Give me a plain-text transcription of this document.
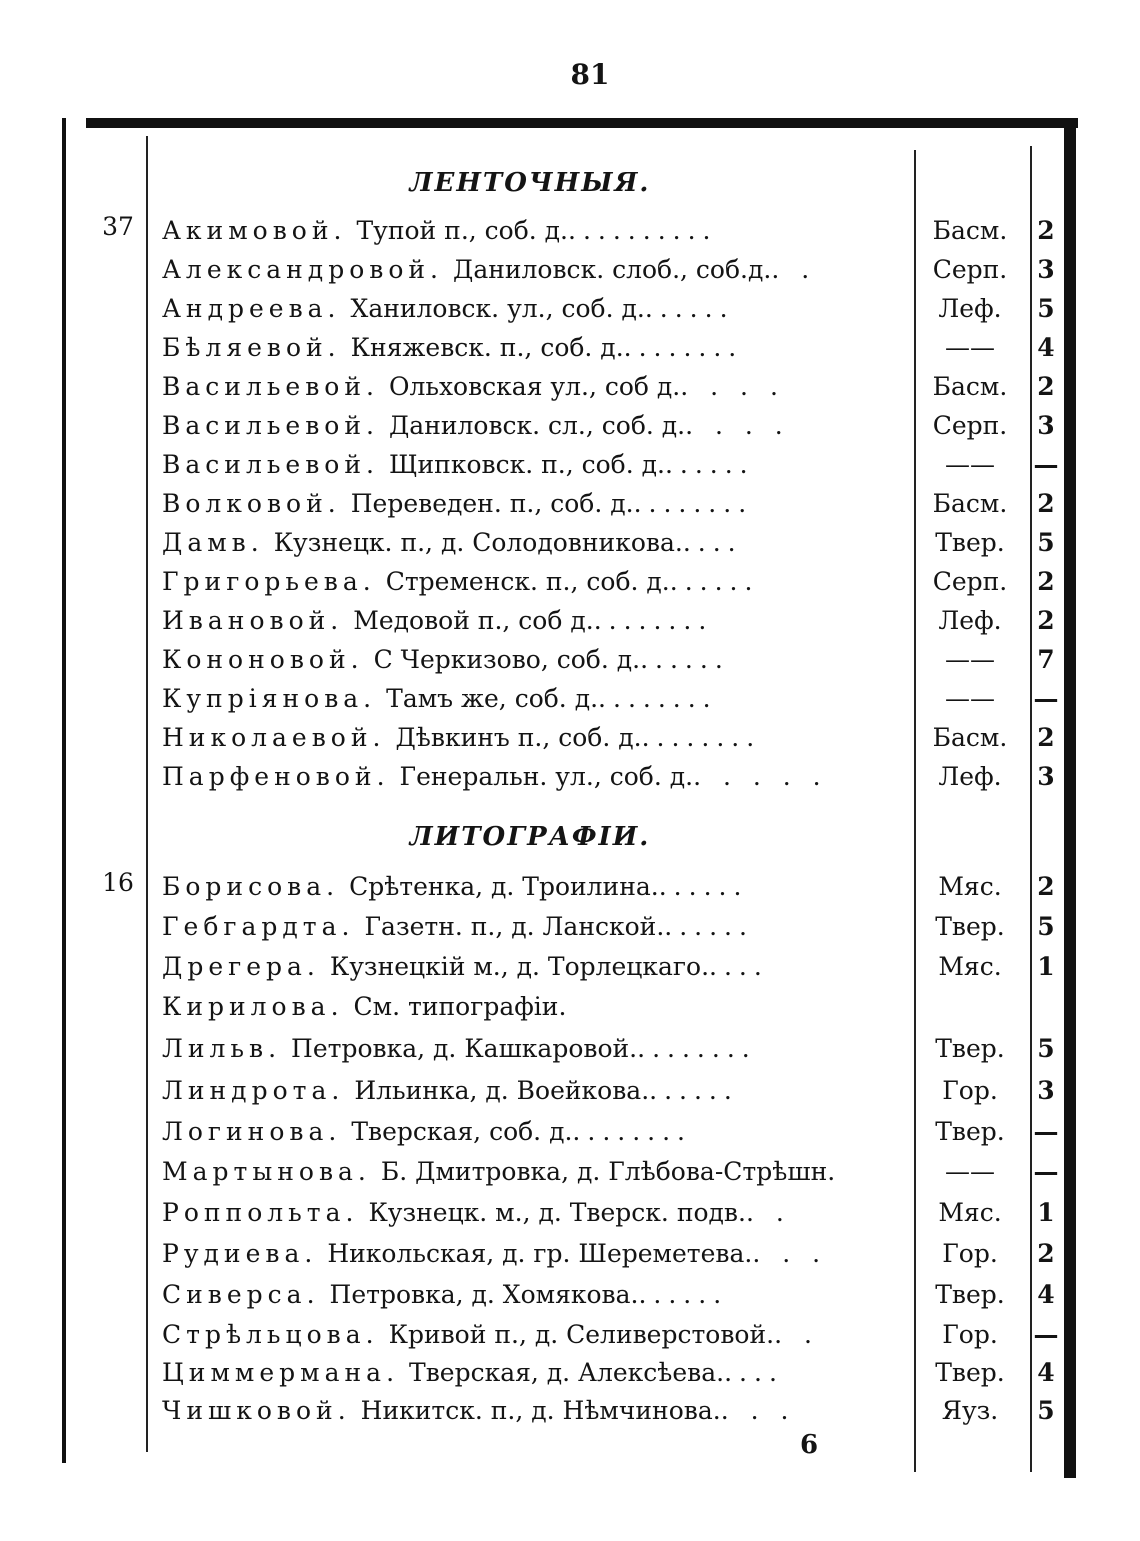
81
ЛЕНТОЧНЫЯ.
37	Акимовой. Тупой п., соб. д...........	Басм.	2
Александровой. Даниловск. слоб., соб.д.. .	Серп.	3
Андреева. Ханиловск. ул., соб. д.......	Леф.	5
Бѣляевой. Княжевск. п., соб. д.........	——	4
Васильевой. Ольховская ул., соб д.. . . .	Басм.	2
Васильевой. Даниловск. сл., соб. д.. . . .	Серп.	3
Васильевой. Щипковск. п., соб. д.......	——	—
Волковой. Переведен. п., соб. д.........	Басм.	2
Дамв. Кузнецк. п., д. Солодовникова.....	Твер.	5
Григорьева. Стременск. п., соб. д.......	Серп.	2
Ивановой. Медовой п., соб д.........	Леф.	2
Кононовой. С Черкизово, соб. д.......	——	7
Купріянова. Тамъ же, соб. д.........	——	—
Николаевой. Дѣвкинъ п., соб. д.........	Басм.	2
Парфеновой. Генеральн. ул., соб. д.. . . . .	Леф.	3
ЛИТОГРАФІИ.
16	Борисова. Срѣтенка, д. Троилина.......	Мяс.	2
Гебгардта. Газетн. п., д. Ланской.......	Твер.	5
Дрегера. Кузнецкій м., д. Торлецкаго.....	Мяс.	1
Кирилова. См. типографіи.
Лильв. Петровка, д. Кашкаровой.........	Твер.	5
Линдрота. Ильинка, д. Воейкова.......	Гор.	3
Логинова. Тверская, соб. д.........	Твер.	—
Мартынова. Б. Дмитровка, д. Глѣбова-Стрѣшн.	——	—
Роппольта. Кузнецк. м., д. Тверск. подв.. .	Мяс.	1
Рудиева. Никольская, д. гр. Шереметева.. . .	Гор.	2
Сиверса. Петровка, д. Хомякова.......	Твер.	4
Стрѣльцова. Кривой п., д. Селиверстовой.. .	Гор.	—
Циммермана. Тверская, д. Алексѣева.....	Твер.	4
Чишковой. Никитск. п., д. Нѣмчинова.. . .	Яуз.	5
6
